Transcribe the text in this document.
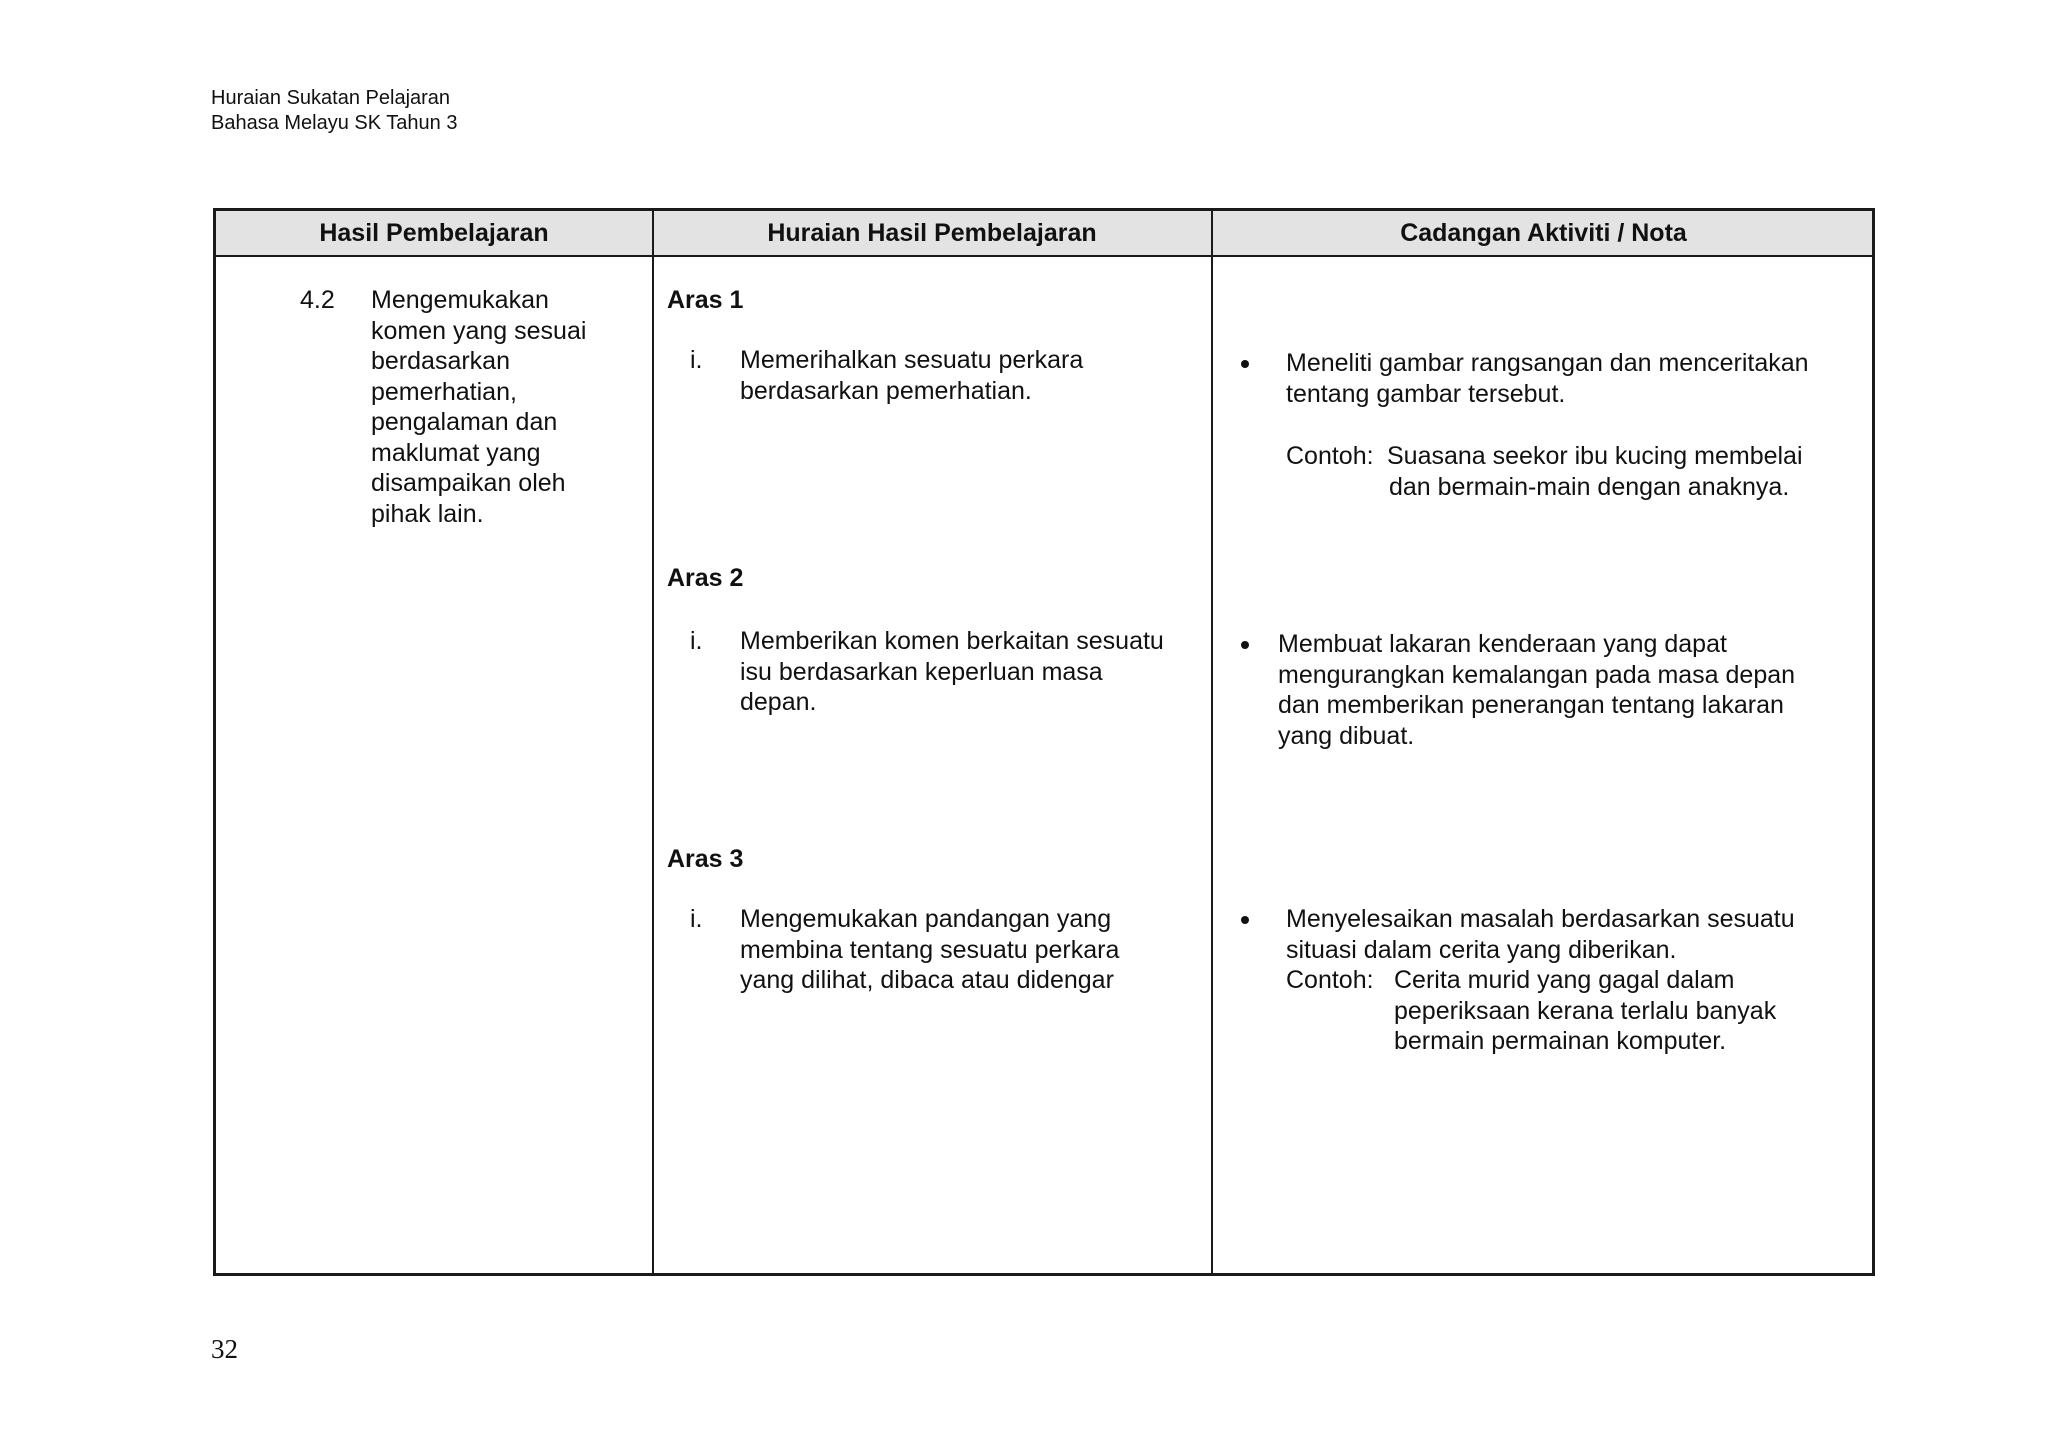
Huraian Sukatan Pelajaran
Bahasa Melayu SK Tahun 3
Hasil Pembelajaran	Huraian Hasil Pembelajaran	Cadangan Aktiviti / Nota
4.2 Mengemukakan
komen yang sesuai
berdasarkan
pemerhatian,
pengalaman dan
maklumat yang
disampaikan oleh
pihak lain.
Aras 1
i. Memerihalkan sesuatu perkara
berdasarkan pemerhatian.
Aras 2
i. Memberikan komen berkaitan sesuatu
isu berdasarkan keperluan masa
depan.
Aras 3
i. Mengemukakan pandangan yang
membina tentang sesuatu perkara
yang dilihat, dibaca atau didengar
Meneliti gambar rangsangan dan menceritakan
tentang gambar tersebut.
Contoh: Suasana seekor ibu kucing membelai
dan bermain-main dengan anaknya.
Membuat lakaran kenderaan yang dapat
mengurangkan kemalangan pada masa depan
dan memberikan penerangan tentang lakaran
yang dibuat.
Menyelesaikan masalah berdasarkan sesuatu
situasi dalam cerita yang diberikan.
Contoh: Cerita murid yang gagal dalam
peperiksaan kerana terlalu banyak
bermain permainan komputer.
32
